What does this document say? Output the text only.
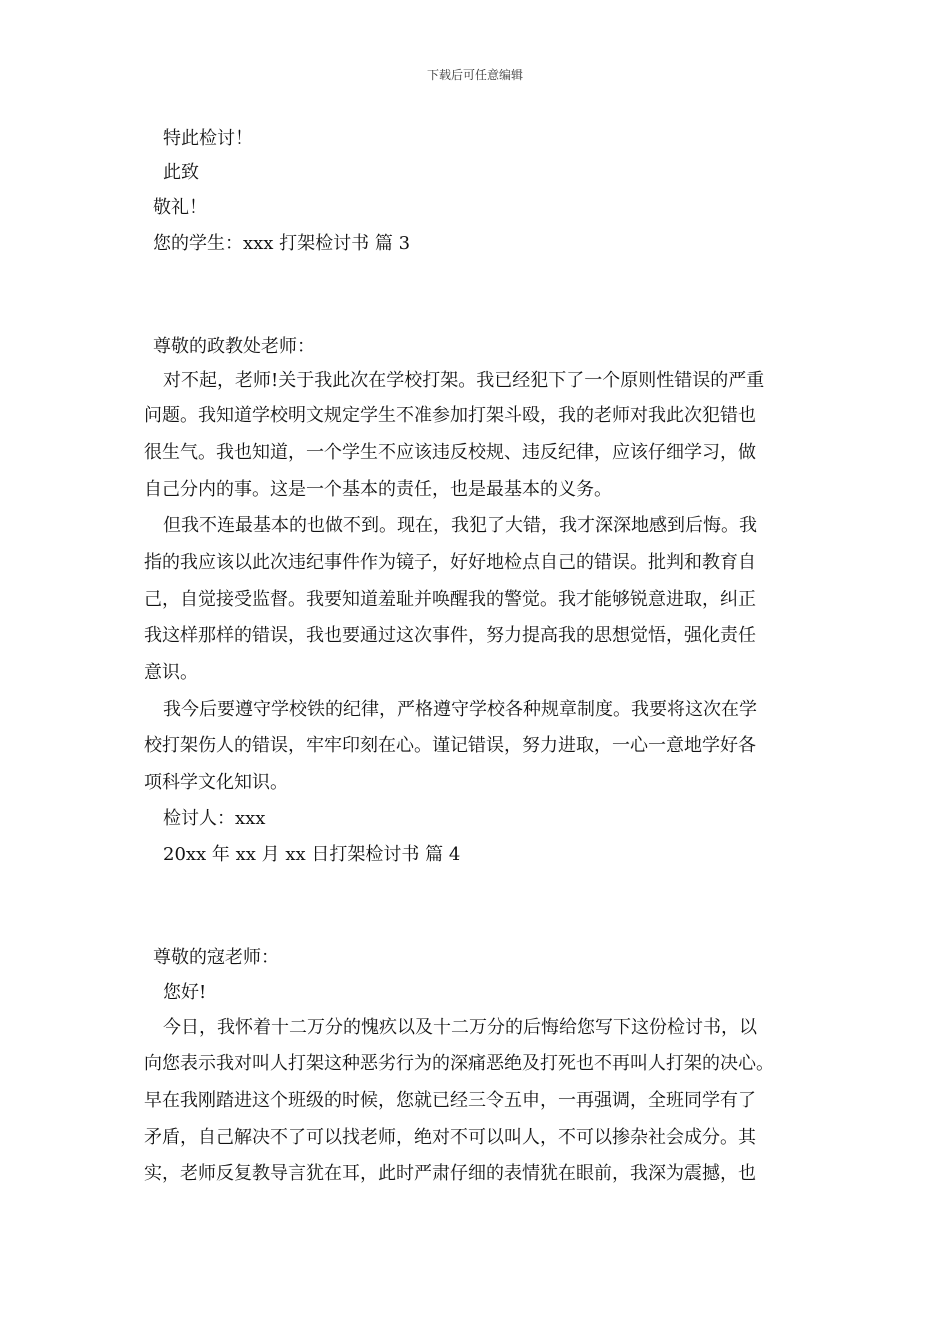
下载后可任意编辑
特此检讨！
此致
敬礼！
您的学生：xxx 打架检讨书 篇 3
尊敬的政教处老师：
对不起，老师!关于我此次在学校打架。我已经犯下了一个原则性错误的严重
问题。我知道学校明文规定学生不准参加打架斗殴，我的老师对我此次犯错也
很生气。我也知道，一个学生不应该违反校规、违反纪律，应该仔细学习，做
自己分内的事。这是一个基本的责任，也是最基本的义务。
但我不连最基本的也做不到。现在，我犯了大错，我才深深地感到后悔。我
指的我应该以此次违纪事件作为镜子，好好地检点自己的错误。批判和教育自
己，自觉接受监督。我要知道羞耻并唤醒我的警觉。我才能够锐意进取，纠正
我这样那样的错误，我也要通过这次事件，努力提高我的思想觉悟，强化责任
意识。
我今后要遵守学校铁的纪律，严格遵守学校各种规章制度。我要将这次在学
校打架伤人的错误，牢牢印刻在心。谨记错误，努力进取，一心一意地学好各
项科学文化知识。
检讨人：xxx
20xx 年 xx 月 xx 日打架检讨书 篇 4
尊敬的寇老师：
您好!
今日，我怀着十二万分的愧疚以及十二万分的后悔给您写下这份检讨书，以
向您表示我对叫人打架这种恶劣行为的深痛恶绝及打死也不再叫人打架的决心。
早在我刚踏进这个班级的时候，您就已经三令五申，一再强调，全班同学有了
矛盾，自己解决不了可以找老师，绝对不可以叫人，不可以掺杂社会成分。其
实，老师反复教导言犹在耳，此时严肃仔细的表情犹在眼前，我深为震撼，也
